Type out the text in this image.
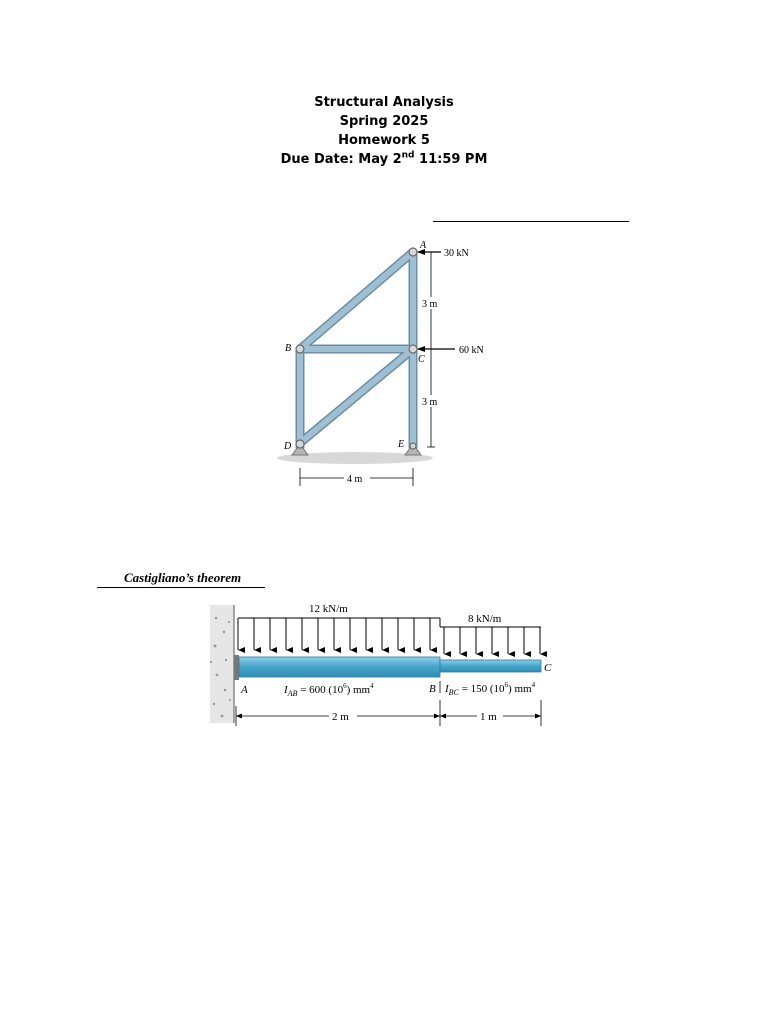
Structural Analysis
Spring 2025
Homework 5
Due Date: May 2nd 11:59 PM
A
B
C
D	E
30 kN
60 kN
3 m
3 m
4 m
Castigliano’s theorem
12 kN/m
8 kN/m
A	B
C
$I_{AB} = 600$ $(10^6)$ $mm^4$	$I_{BC} = 150$ $(10^6)$ $mm^4$
2 m	1 m
